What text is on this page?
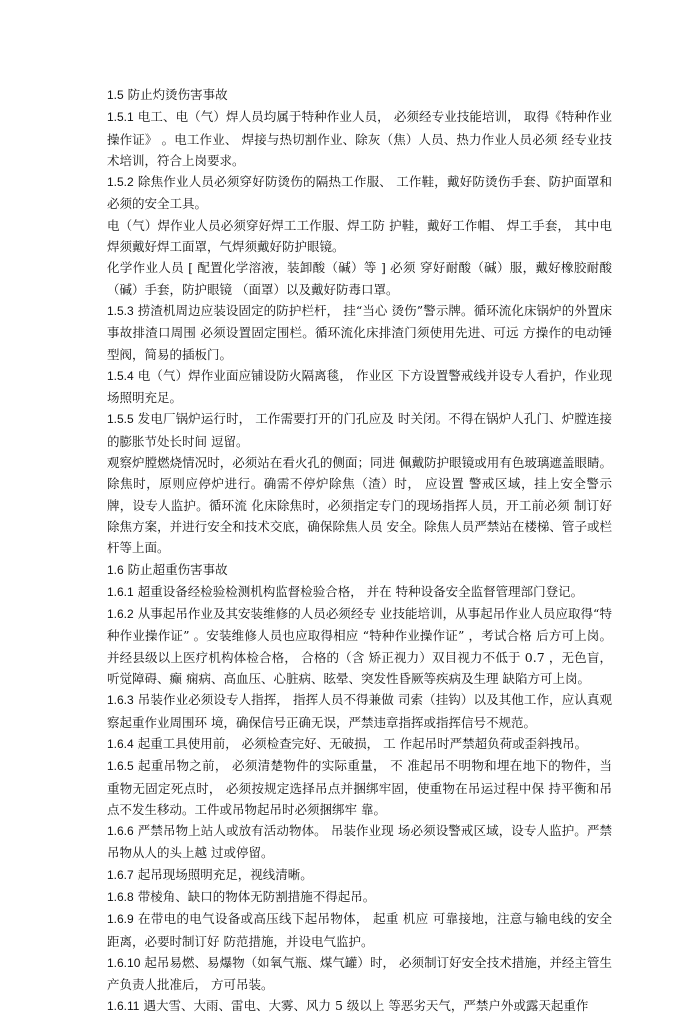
1.5 防止灼烫伤害事故

1.5.1 电工、电（气）焊人员均属于特种作业人员， 必须经专业技能培训， 取得《特种作业操作证》 。电工作业、 焊接与热切割作业、除灰（焦）人员、热力作业人员必须 经专业技术培训，符合上岗要求。

1.5.2 除焦作业人员必须穿好防烫伤的隔热工作服、 工作鞋，戴好防烫伤手套、防护面罩和必须的安全工具。

电（气）焊作业人员必须穿好焊工工作服、焊工防 护鞋，戴好工作帽、 焊工手套， 其中电焊须戴好焊工面罩，气焊须戴好防护眼镜。

化学作业人员 [ 配置化学溶液，装卸酸（碱）等 ] 必须 穿好耐酸（碱）服，戴好橡胶耐酸（碱）手套，防护眼镜 （面罩）以及戴好防毒口罩。

1.5.3 捞渣机周边应装设固定的防护栏杆， 挂“当心 烫伤”警示牌。循环流化床锅炉的外置床事故排渣口周围 必须设置固定围栏。循环流化床排渣门须使用先进、可远 方操作的电动锤型阀，简易的插板门。

1.5.4 电（气）焊作业面应铺设防火隔离毯， 作业区 下方设置警戒线并设专人看护，作业现场照明充足。

1.5.5 发电厂锅炉运行时， 工作需要打开的门孔应及 时关闭。不得在锅炉人孔门、炉膛连接的膨胀节处长时间 逗留。

观察炉膛燃烧情况时，必须站在看火孔的侧面；同进 佩戴防护眼镜或用有色玻璃遮盖眼睛。除焦时，原则应停炉进行。确需不停炉除焦（渣）时， 应设置 警戒区域，挂上安全警示牌，设专人监护。循环流 化床除焦时，必须指定专门的现场指挥人员，开工前必须 制订好除焦方案，并进行安全和技术交底，确保除焦人员 安全。除焦人员严禁站在楼梯、管子或栏杆等上面。

1.6 防止超重伤害事故

1.6.1 超重设备经检验检测机构监督检验合格， 并在 特种设备安全监督管理部门登记。

1.6.2 从事起吊作业及其安装维修的人员必须经专 业技能培训，从事起吊作业人员应取得“特种作业操作证” 。安装维修人员也应取得相应 “特种作业操作证” ，考试合格 后方可上岗。 并经县级以上医疗机构体检合格， 合格的（含 矫正视力）双目视力不低于 0.7 ，无色盲，听觉障碍、癫 痫病、高血压、心脏病、眩晕、突发性昏厥等疾病及生理 缺陷方可上岗。

1.6.3 吊装作业必须设专人指挥， 指挥人员不得兼做 司索（挂钩）以及其他工作，应认真观察起重作业周围环 境，确保信号正确无误，严禁违章指挥或指挥信号不规范。

1.6.4 起重工具使用前， 必须检查完好、无破损， 工 作起吊时严禁超负荷或歪斜拽吊。

1.6.5 起重吊物之前， 必须清楚物件的实际重量， 不 准起吊不明物和埋在地下的物件，当重物无固定死点时， 必须按规定选择吊点并捆绑牢固，使重物在吊运过程中保 持平衡和吊点不发生移动。工件或吊物起吊时必须捆绑牢 靠。

1.6.6 严禁吊物上站人或放有活动物体。 吊装作业现 场必须设警戒区域，设专人监护。严禁吊物从人的头上越 过或停留。

1.6.7 起吊现场照明充足，视线清晰。

1.6.8 带棱角、缺口的物体无防割措施不得起吊。

1.6.9 在带电的电气设备或高压线下起吊物体， 起重 机应 可靠接地，注意与输电线的安全距离，必要时制订好 防范措施，并设电气监护。

1.6.10 起吊易燃、易爆物（如氧气瓶、煤气罐）时， 必须制订好安全技术措施，并经主管生产负责人批准后， 方可吊装。

1.6.11 遇大雪、大雨、雷电、大雾、风力 5 级以上 等恶劣天气，严禁户外或露天起重作
